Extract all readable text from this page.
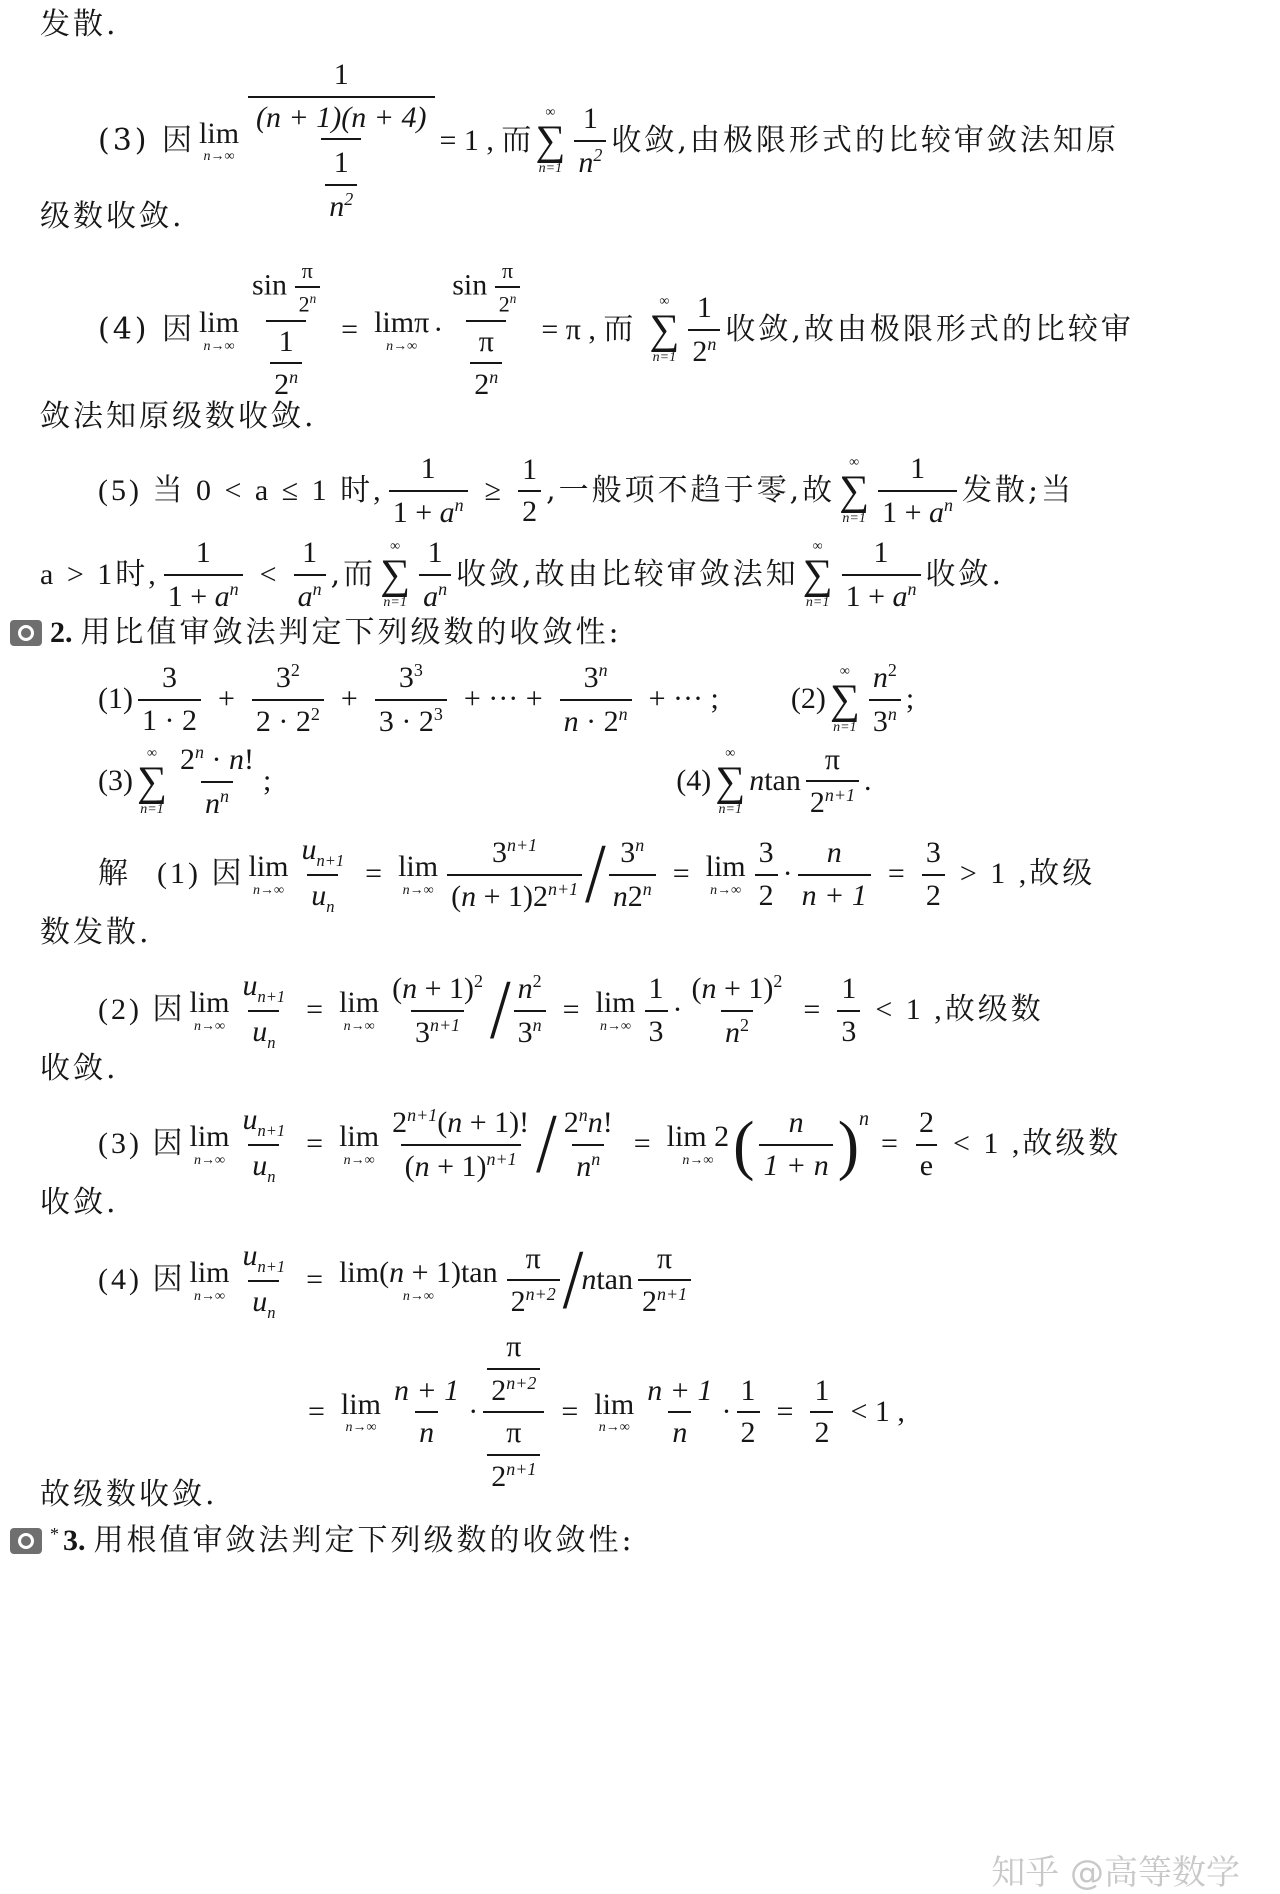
发散.
(3) 因 lim
n→∞
1
$\frac{(n + 1)(n + 4)}{\frac{1}{n^2}} = 1$ , 而
∞
∑
$n=1 \frac{1}{n^2}$ 收敛,由极限形式的比较审敛法知原
级数收敛.
(4) 因 lim
$n\to\infty \frac{\sin \frac{\pi}{2^n}}{\frac{1}{2^n}} = \lim\pi$
$n\to\infty \cdot \frac{\sin \frac{\pi}{2^n}}{\frac{\pi}{2^n}} = \pi$ , 而
∞
∑
$n=1 \frac{1}{2^n}$ 收敛,故由极限形式的比较审
敛法知原级数收敛.
(5) 当 0 < a ≤ 1 时, $\frac{1}{1 + a^n} \ge \frac{1}{2}$ ,一般项不趋于零,故
∞
∑
$n=1 \frac{1}{1 + a^n}$ 发散;当
a > 1时, $\frac{1}{1 + a^n} < \frac{1}{a^n}$ ,而
∞
∑
$n=1 \frac{1}{a^n}$ 收敛,故由比较审敛法知
∞
∑
$n=1 \frac{1}{1 + a^n}$ 收敛.
2. 用比值审敛法判定下列级数的收敛性:
$(1) \frac{3}{1 \cdot 2} + \frac{3^2}{2 \cdot 2^2} + \frac{3^3}{3 \cdot 2^3}$ + ··· + $\frac{3^n}{n \cdot 2^n}$ + ··· ; (2)
∞
∑
$n=1 \frac{n^2}{3^n}$ ;
(3)
∞
∑
$n=1 \frac{2^n \cdot n!}{n^n}$ ;	(4)
∞
∑
n=1
ntan $\frac{\pi}{2^{n+1}}$ .
解 (1) 因 lim
$n\to\infty \frac{u_{n+1}}{u_n} = \lim$
$n\to\infty \frac{3^{n+1}}{(n + 1)2^{n+1}} / \frac{3^n}{n2^n} = \lim$
$n\to\infty \frac{3}{2} \cdot \frac{n}{n + 1} = \frac{3}{2} > 1$ ,故级
数发散.
(2) 因 lim
$n\to\infty \frac{u_{n+1}}{u_n} = \lim$
$n\to\infty \frac{(n + 1)^2}{3^{n+1}} / \frac{n^2}{3^n} = \lim$
$n\to\infty \frac{1}{3} \cdot \frac{(n + 1)^2}{n^2} = \frac{1}{3} < 1$ ,故级数
收敛.
(3) 因 lim
$n\to\infty \frac{u_{n+1}}{u_n} = \lim$
$n\to\infty \frac{2^{n+1}(n + 1)!}{(n + 1)^{n+1}} / \frac{2^nn!}{n^n} = \lim 2$
n→∞ ( $\frac{n}{1 + n}$ ) n
= $\frac{2}{e} < 1$ ,故级数
收敛.
(4) 因 lim
$n\to\infty \frac{u_{n+1}}{u_n} = \lim(n + 1)\tan$
$n\to\infty \frac{\pi}{2^{n+2}}$ /
ntan $\frac{\pi}{2^{n+1}}$
= lim
$n\to\infty \frac{n + 1}{n} \cdot \frac{\frac{\pi}{2^{n+2}}}{\frac{\pi}{2^{n+1}}} = \lim$
$n\to\infty \frac{n + 1}{n} \cdot \frac{1}{2} = \frac{1}{2} < 1$ ,
故级数收敛.
* 3. 用根值审敛法判定下列级数的收敛性:
知乎 @高等数学
